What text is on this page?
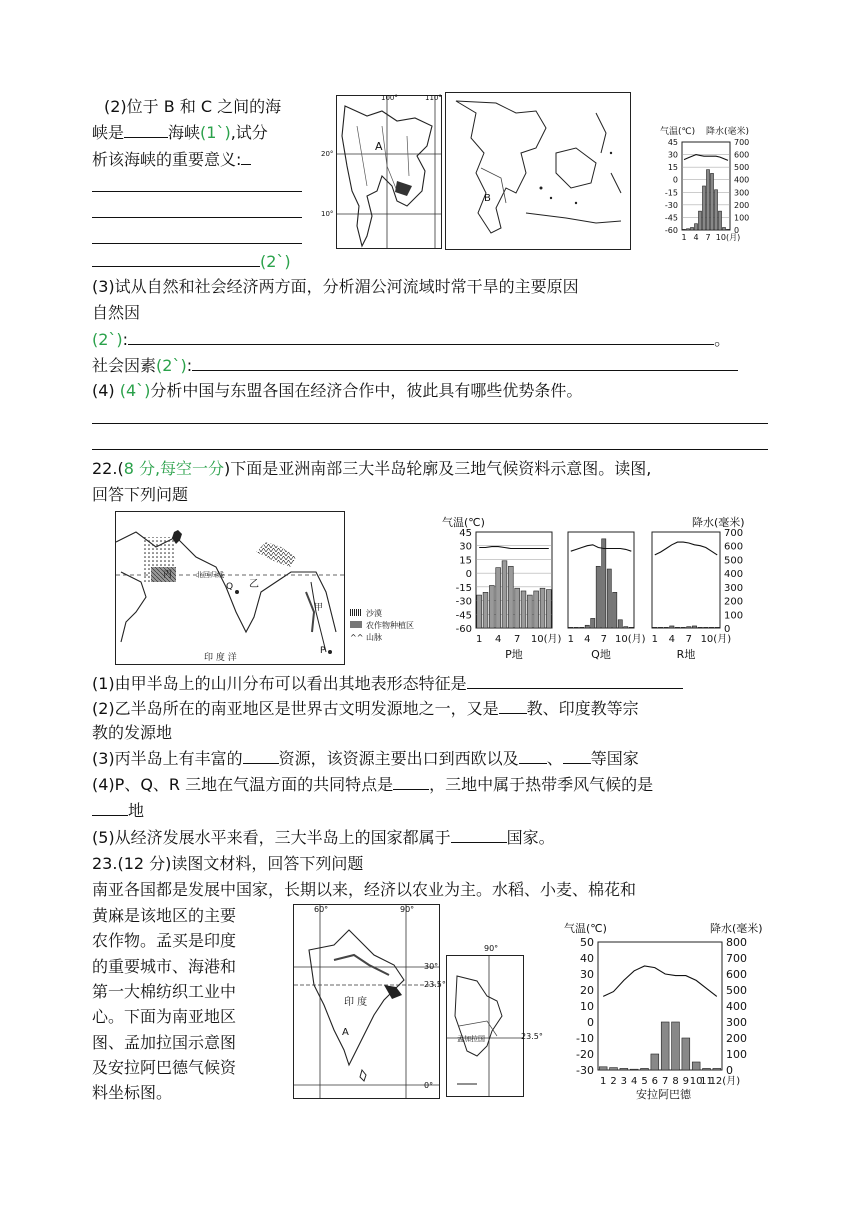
(2)位于 B 和 C 之间的海
峡是	海峡(1`),试分
析该海峡的重要意义:
(2`)
100°	110°
20°
10°
A
B
气温(℃) 降水(毫米)
45
30
15
0
-15
-30
-45
-60
700
600
500
400
300
200
100
0
1 4 7 10(月)
(3)试从自然和社会经济两方面，分析湄公河流域时常干旱的主要原因
自然因
(2`):	。
社会因素(2`):
(4) (4`)分析中国与东盟各国在经济合作中，彼此具有哪些优势条件。
22.(8 分,每空一分)下面是亚洲南部三大半岛轮廓及三地气候资料示意图。读图,
回答下列问题
丙
乙
甲
Q
P
北回归线
印 度 洋
沙漠
农作物种植区
^^ 山脉
气温(℃)	降水(毫米)
45
30
15
0
-15
-30
-45
-60
700
600
500
400
300
200
100
0
1 4 7 10(月)
P地
1 4 7 10(月)
Q地
1 4 7 10(月)
R地
(1)由甲半岛上的山川分布可以看出其地表形态特征是
(2)乙半岛所在的南亚地区是世界古文明发源地之一，又是 教、印度教等宗
教的发源地
(3)丙半岛上有丰富的 资源，该资源主要出口到西欧以及 、 等国家
(4)P、Q、R 三地在气温方面的共同特点是 ，三地中属于热带季风气候的是
地
(5)从经济发展水平来看，三大半岛上的国家都属于	国家。
23.(12 分)读图文材料，回答下列问题
南亚各国都是发展中国家，长期以来，经济以农业为主。水稻、小麦、棉花和
黄麻是该地区的主要
农作物。孟买是印度
的重要城市、海港和
第一大棉纺织工业中
心。下面为南亚地区
图、孟加拉国示意图
及安拉阿巴德气候资
料坐标图。
60°	90°
30°
23.5°
0°
印 度
A
90°
23.5°
孟加拉国
气温(℃)	降水(毫米)
50
40
30
20
10
0
-10
-20
-30
800
700
600
500
400
300
200
100
0
1 2 3 4 5 6 7 8 9 10
11
12(月)
安拉阿巴德
